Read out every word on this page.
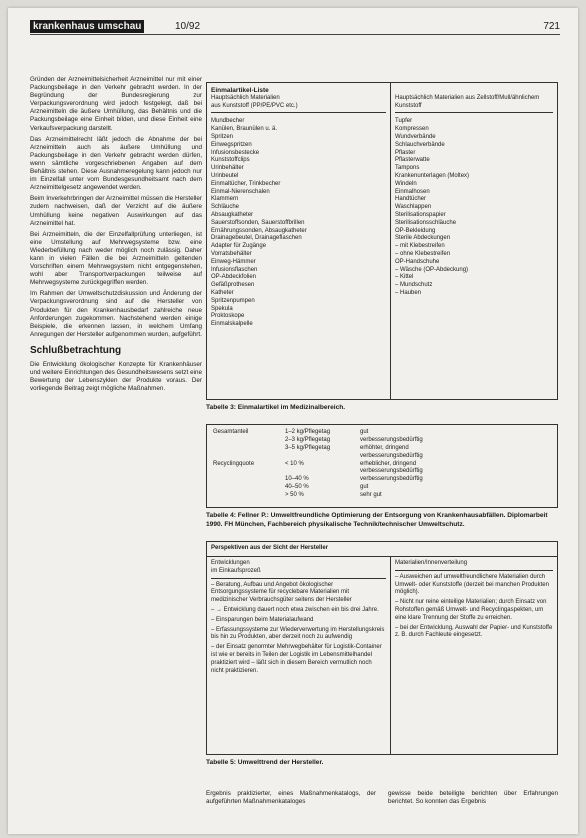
krankenhaus umschau	10/92	721

Gründen der Arzneimittelsicherheit Arzneimittel nur mit einer Packungsbeilage in den Verkehr gebracht werden. In der Begründung der Bundesregierung zur Verpackungsverordnung wird jedoch festgelegt, daß bei Arzneimitteln die äußere Umhüllung, das Behältnis und die Packungsbeilage eine Einheit bilden, und diese Einheit eine Verkaufsverpackung darstellt.

Das Arzneimittelrecht läßt jedoch die Abnahme der bei Arzneimitteln auch als äußere Umhüllung und Packungsbeilage in den Verkehr gebracht werden dürfen, wenn sämtliche vorgeschriebenen Angaben auf dem Behältnis stehen. Diese Ausnahmeregelung kann jedoch nur im Einzelfall unter vom Bundesgesundheitsamt nach dem Arzneimittelgesetz angewendet werden.

Beim Inverkehrbringen der Arzneimittel müssen die Hersteller zudem nachweisen, daß der Verzicht auf die äußere Umhüllung keine negativen Auswirkungen auf das Arzneimittel hat.

Bei Arzneimitteln, die der Einzelfallprüfung unterliegen, ist eine Umstellung auf Mehrwegsysteme bzw. eine Wiederbefüllung nach weder möglich noch zulässig. Daher kann in vielen Fällen die bei Arzneimitteln geltenden Vorschriften einem Mehrwegsystem nicht entgegenstehen, wohl aber Transportverpackungen teilweise auf Mehrwegsysteme zurückgegriffen werden.

Im Rahmen der Umweltschutzdiskussion und Änderung der Verpackungsverordnung sind auf die Hersteller von Produkten für den Krankenhausbedarf zahlreiche neue Anforderungen zugekommen. Nachstehend werden einige Beispiele, die erkennen lassen, in welchem Umfang Anregungen der Hersteller aufgenommen wurden, aufgeführt.

Schlußbetrachtung

Die Entwicklung ökologischer Konzepte für Krankenhäuser und weitere Einrichtungen des Gesundheitswesens setzt eine Bewertung der Lebenszyklen der Produkte voraus. Der vorliegende Beitrag zeigt mögliche Maßnahmen.

Einmalartikel-Liste
Hauptsächlich Materialien
aus Kunststoff (PP/PE/PVC etc.)
Mundbecher
Kanülen, Braunülen u. ä.
Spritzen
Einwegspritzen
Infusionsbestecke
Kunststoffclips
Urinbehälter
Urinbeutel
Einmaltücher, Trinkbecher
Einmal-Nierenschalen
Klammern
Schläuche
Absaugkatheter
Sauerstoffsonden, Sauerstoffbrillen
Ernährungssonden, Absaugkatheter
Drainagebeutel, Drainageflaschen
Adapter für Zugänge
Vorratsbehälter
Einweg-Hämmer
Infusionsflaschen
OP-Abdeckfolien
Gefäßprothesen
Katheter
Spritzenpumpen
Spekula
Proktoskope
Einmalskalpelle
Hauptsächlich Materialien aus Zellstoff/Mull/ähnlichem
Kunststoff
Tupfer
Kompressen
Wundverbände
Schlauchverbände
Pflaster
Pflasterwatte
Tampons
Krankenunterlagen (Moltex)
Windeln
Einmalhosen
Handtücher
Waschlappen
Sterilisationspapier
Sterilisationsschläuche
OP-Bekleidung
Sterile Abdeckungen
– mit Klebestreifen
– ohne Klebestreifen
OP-Handschuhe
– Wäsche (OP-Abdeckung)
– Kittel
– Mundschutz
– Hauben
Tabelle 3: Einmalartikel im Medizinalbereich.
Gesamtanteil	1–2 kg/Pflegetag	gut
2–3 kg/Pflegetag	verbesserungsbedürftig
3–5 kg/Pflegetag	erhöhter, dringend
verbesserungsbedürftig
Recyclingquote	< 10 %	erheblicher, dringend
verbesserungsbedürftig
10–40 %	verbesserungsbedürftig
40–50 %	gut
> 50 %	sehr gut
Tabelle 4: Fellner P.: Umweltfreundliche Optimierung der Entsorgung von Krankenhausabfällen. Diplomarbeit 1990. FH München, Fachbereich physikalische Technik/technischer Umweltschutz.
Perspektiven aus der Sicht der Hersteller
Entwicklungen
im Einkaufsprozeß
– Beratung, Aufbau und Angebot ökologischer Entsorgungssysteme für recyclebare Materialien mit medizinischer Verbrauchsgüter seitens der Hersteller
– → Entwicklung dauert noch etwa zwischen ein bis drei Jahre.
– Einsparungen beim Materialaufwand
– Erfassungssysteme zur Wiederverwertung im Herstellungskreis bis hin zu Produkten, aber derzeit noch zu aufwendig
– der Einsatz genormter Mehrwegbehälter für Logistik-Container ist wie er bereits in Teilen der Logistik im Lebensmittelhandel praktiziert wird – läßt sich in diesem Bereich vermutlich noch nicht praktizieren.
Materialien/Innenverteilung
– Ausweichen auf umweltfreundlichere Materialien durch Umwelt- oder Kunststoffe (derzeit bei manchen Produkten möglich).
– Nicht nur reine einteilige Materialien; durch Einsatz von Rohstoffen gemäß Umwelt- und Recyclingaspekten, um eine klare Trennung der Stoffe zu erreichen.
– bei der Entwicklung, Auswahl der Papier- und Kunststoffe z. B. durch Fachleute eingesetzt.
Tabelle 5: Umwelttrend der Hersteller.
Ergebnis praktizierter, eines Maßnahmenkatalogs, der aufgeführten Maßnahmenkataloges
gewisse beide beteiligte berichten über Erfahrungen berichtet. So konnten das Ergebnis
